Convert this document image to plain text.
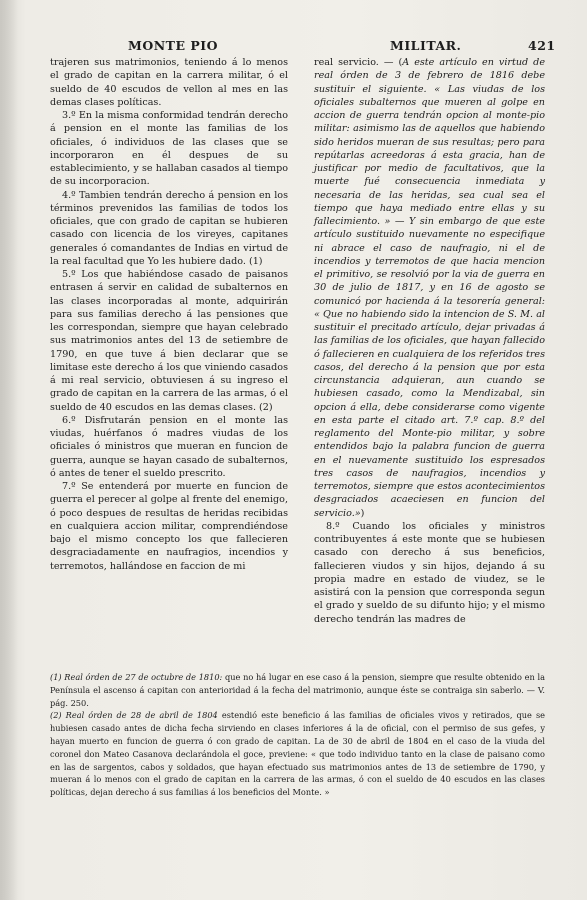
MONTE PIO	MILITAR.	421

trajeren sus matrimonios, teniendo á lo menos el grado de capitan en la carrera militar, ó el sueldo de 40 escudos de vellon al mes en las demas clases políticas.

3.º En la misma conformidad tendrán derecho á pension en el monte las familias de los oficiales, ó individuos de las clases que se incorporaron en él despues de su establecimiento, y se hallaban casados al tiempo de su incorporacion.

4.º Tambien tendrán derecho á pension en los términos prevenidos las familias de todos los oficiales, que con grado de capitan se hubieren casado con licencia de los vireyes, capitanes generales ó comandantes de Indias en virtud de la real facultad que Yo les hubiere dado. (1)

5.º Los que habiéndose casado de paisanos entrasen á servir en calidad de subalternos en las clases incorporadas al monte, adquirirán para sus familias derecho á las pensiones que les correspondan, siempre que hayan celebrado sus matrimonios antes del 13 de setiembre de 1790, en que tuve á bien declarar que se limitase este derecho á los que viniendo casados á mi real servicio, obtuviesen á su ingreso el grado de capitan en la carrera de las armas, ó el sueldo de 40 escudos en las demas clases. (2)

6.º Disfrutarán pension en el monte las viudas, huérfanos ó madres viudas de los oficiales ó ministros que mueran en funcion de guerra, aunque se hayan casado de subalternos, ó antes de tener el sueldo prescrito.

7.º Se entenderá por muerte en funcion de guerra el perecer al golpe al frente del enemigo, ó poco despues de resultas de heridas recibidas en cualquiera accion militar, comprendiéndose bajo el mismo concepto los que fallecieren desgraciadamente en naufragios, incendios y terremotos, hallándose en faccion de mi

real servicio. — (A este artículo en virtud de real órden de 3 de febrero de 1816 debe sustituir el siguiente. « Las viudas de los oficiales subalternos que mueren al golpe en accion de guerra tendrán opcion al monte-pio militar: asimismo las de aquellos que habiendo sido heridos mueran de sus resultas; pero para repútarlas acreedoras á esta gracia, han de justificar por medio de facultativos, que la muerte fué consecuencia inmediata y necesaria de las heridas, sea cual sea el tiempo que haya mediado entre ellas y su fallecimiento. » — Y sin embargo de que este artículo sustituido nuevamente no especifique ni abrace el caso de naufragio, ni el de incendios y terremotos de que hacia mencion el primitivo, se resolvió por la via de guerra en 30 de julio de 1817, y en 16 de agosto se comunicó por hacienda á la tesorería general: « Que no habiendo sido la intencion de S. M. al sustituir el precitado artículo, dejar privadas á las familias de los oficiales, que hayan fallecido ó fallecieren en cualquiera de los referidos tres casos, del derecho á la pension que por esta circunstancia adquieran, aun cuando se hubiesen casado, como la Mendizabal, sin opcion á ella, debe considerarse como vigente en esta parte el citado art. 7.º cap. 8.º del reglamento del Monte-pio militar, y sobre entendidos bajo la palabra funcion de guerra en el nuevamente sustituido los espresados tres casos de naufragios, incendios y terremotos, siempre que estos acontecimientos desgraciados acaeciesen en funcion del servicio.»)

8.º Cuando los oficiales y ministros contribuyentes á este monte que se hubiesen casado con derecho á sus beneficios, fallecieren viudos y sin hijos, dejando á su propia madre en estado de viudez, se le asistirá con la pension que corresponda segun el grado y sueldo de su difunto hijo; y el mismo derecho tendrán las madres de

(1) Real órden de 27 de octubre de 1810: que no há lugar en ese caso á la pension, siempre que resulte obtenido en la Península el ascenso á capitan con anterioridad á la fecha del matrimonio, aunque éste se contraiga sin saberlo. — V. pág. 250.

(2) Real órden de 28 de abril de 1804 estendió este beneficio á las familias de oficiales vivos y retirados, que se hubiesen casado antes de dicha fecha sirviendo en clases inferiores á la de oficial, con el permiso de sus gefes, y hayan muerto en funcion de guerra ó con grado de capitan. La de 30 de abril de 1804 en el caso de la viuda del coronel don Mateo Casanova declarándola el goce, previene: « que todo individuo tanto en la clase de paisano como en las de sargentos, cabos y soldados, que hayan efectuado sus matrimonios antes de 13 de setiembre de 1790, y mueran á lo menos con el grado de capitan en la carrera de las armas, ó con el sueldo de 40 escudos en las clases políticas, dejan derecho á sus familias á los beneficios del Monte. »
